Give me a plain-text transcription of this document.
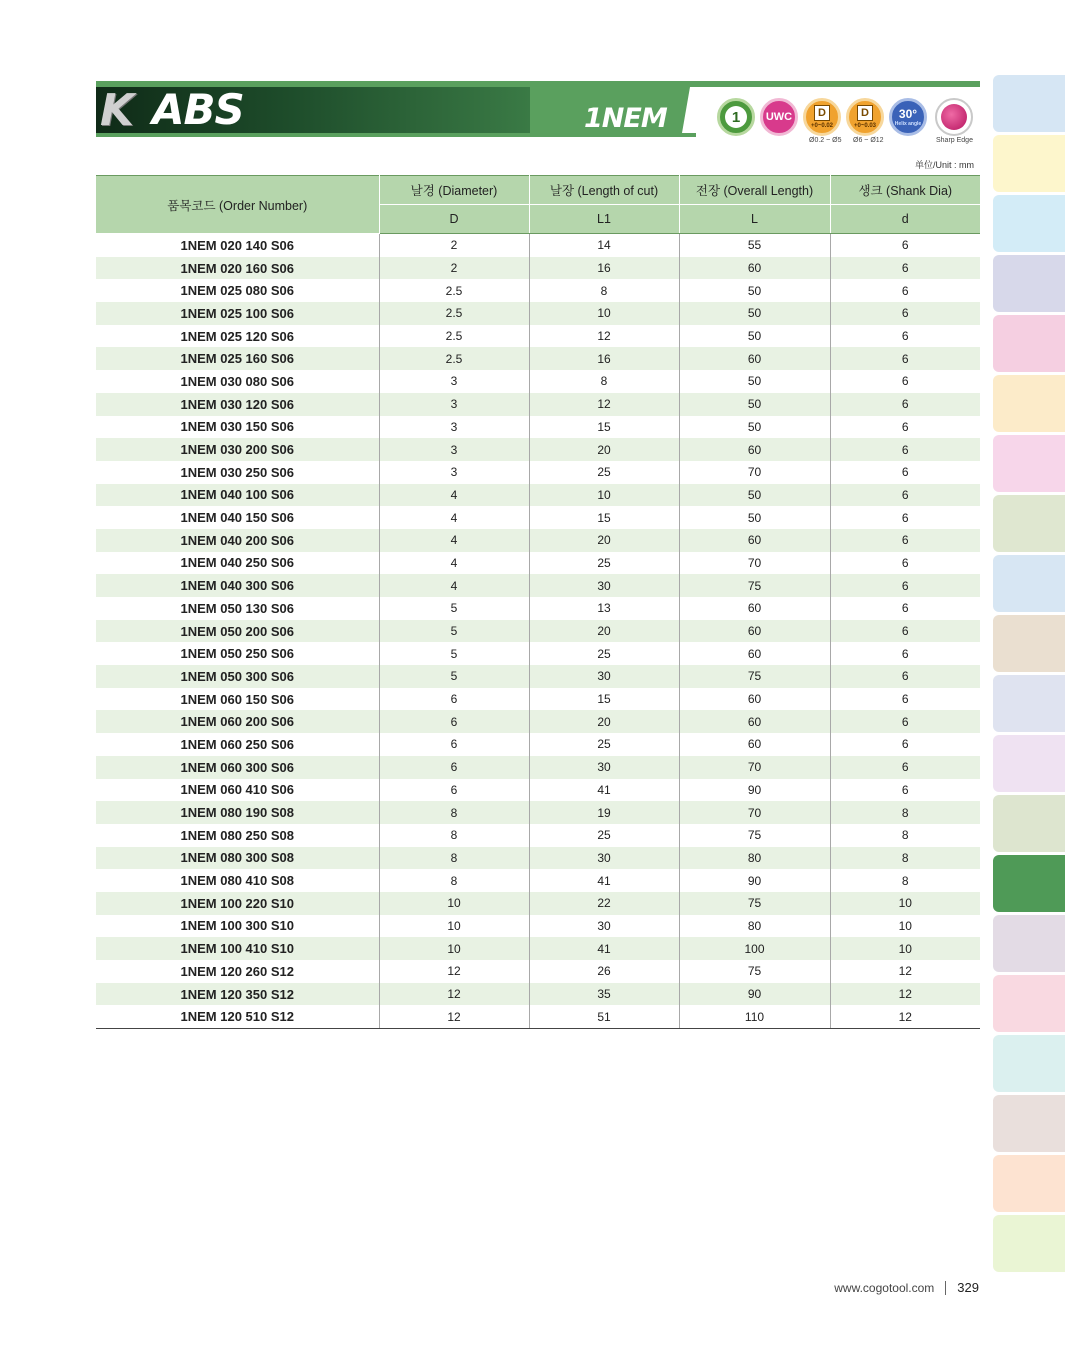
K ABS	1NEM	1	UWC	D
+0~0.02
D
+0~0.03
30°
Helix angle
Ø0.2 ~ Ø5 Ø6 ~ Ø12	Sharp Edge
单位/Unit : mm
품목코드 (Order Number)	날경 (Diameter)	날장 (Length of cut)	전장 (Overall Length)	생크 (Shank Dia)
	D	L1	L	d
1NEM 020 140 S06	2	14	55	6
1NEM 020 160 S06	2	16	60	6
1NEM 025 080 S06	2.5	8	50	6
1NEM 025 100 S06	2.5	10	50	6
1NEM 025 120 S06	2.5	12	50	6
1NEM 025 160 S06	2.5	16	60	6
1NEM 030 080 S06	3	8	50	6
1NEM 030 120 S06	3	12	50	6
1NEM 030 150 S06	3	15	50	6
1NEM 030 200 S06	3	20	60	6
1NEM 030 250 S06	3	25	70	6
1NEM 040 100 S06	4	10	50	6
1NEM 040 150 S06	4	15	50	6
1NEM 040 200 S06	4	20	60	6
1NEM 040 250 S06	4	25	70	6
1NEM 040 300 S06	4	30	75	6
1NEM 050 130 S06	5	13	60	6
1NEM 050 200 S06	5	20	60	6
1NEM 050 250 S06	5	25	60	6
1NEM 050 300 S06	5	30	75	6
1NEM 060 150 S06	6	15	60	6
1NEM 060 200 S06	6	20	60	6
1NEM 060 250 S06	6	25	60	6
1NEM 060 300 S06	6	30	70	6
1NEM 060 410 S06	6	41	90	6
1NEM 080 190 S08	8	19	70	8
1NEM 080 250 S08	8	25	75	8
1NEM 080 300 S08	8	30	80	8
1NEM 080 410 S08	8	41	90	8
1NEM 100 220 S10	10	22	75	10
1NEM 100 300 S10	10	30	80	10
1NEM 100 410 S10	10	41	100	10
1NEM 120 260 S12	12	26	75	12
1NEM 120 350 S12	12	35	90	12
1NEM 120 510 S12	12	51	110	12
www.cogotool.com 329
